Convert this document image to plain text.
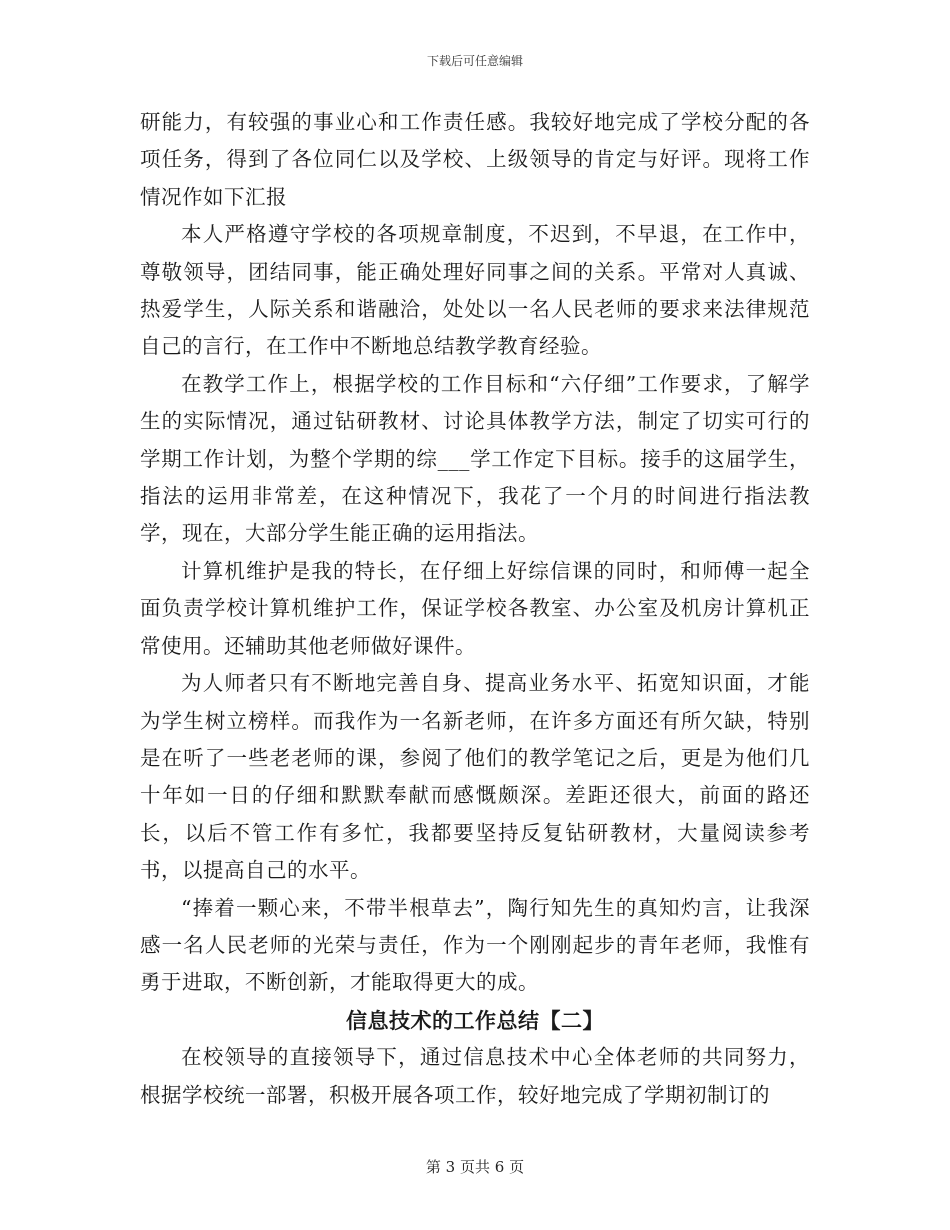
下载后可任意编辑

研能力，有较强的事业心和工作责任感。我较好地完成了学校分配的各项任务，得到了各位同仁以及学校、上级领导的肯定与好评。现将工作情况作如下汇报

本人严格遵守学校的各项规章制度，不迟到，不早退，在工作中，尊敬领导，团结同事，能正确处理好同事之间的关系。平常对人真诚、热爱学生，人际关系和谐融洽，处处以一名人民老师的要求来法律规范自己的言行，在工作中不断地总结教学教育经验。

在教学工作上，根据学校的工作目标和“六仔细”工作要求，了解学生的实际情况，通过钻研教材、讨论具体教学方法，制定了切实可行的学期工作计划，为整个学期的综___学工作定下目标。接手的这届学生，指法的运用非常差，在这种情况下，我花了一个月的时间进行指法教学，现在，大部分学生能正确的运用指法。

计算机维护是我的特长，在仔细上好综信课的同时，和师傅一起全面负责学校计算机维护工作，保证学校各教室、办公室及机房计算机正常使用。还辅助其他老师做好课件。

为人师者只有不断地完善自身、提高业务水平、拓宽知识面，才能为学生树立榜样。而我作为一名新老师，在许多方面还有所欠缺，特别是在听了一些老老师的课，参阅了他们的教学笔记之后，更是为他们几十年如一日的仔细和默默奉献而感慨颇深。差距还很大，前面的路还长，以后不管工作有多忙，我都要坚持反复钻研教材，大量阅读参考书，以提高自己的水平。

“捧着一颗心来，不带半根草去”，陶行知先生的真知灼言，让我深感一名人民老师的光荣与责任，作为一个刚刚起步的青年老师，我惟有勇于进取，不断创新，才能取得更大的成。

信息技术的工作总结【二】

在校领导的直接领导下，通过信息技术中心全体老师的共同努力，根据学校统一部署，积极开展各项工作，较好地完成了学期初制订的

第 3 页共 6 页
